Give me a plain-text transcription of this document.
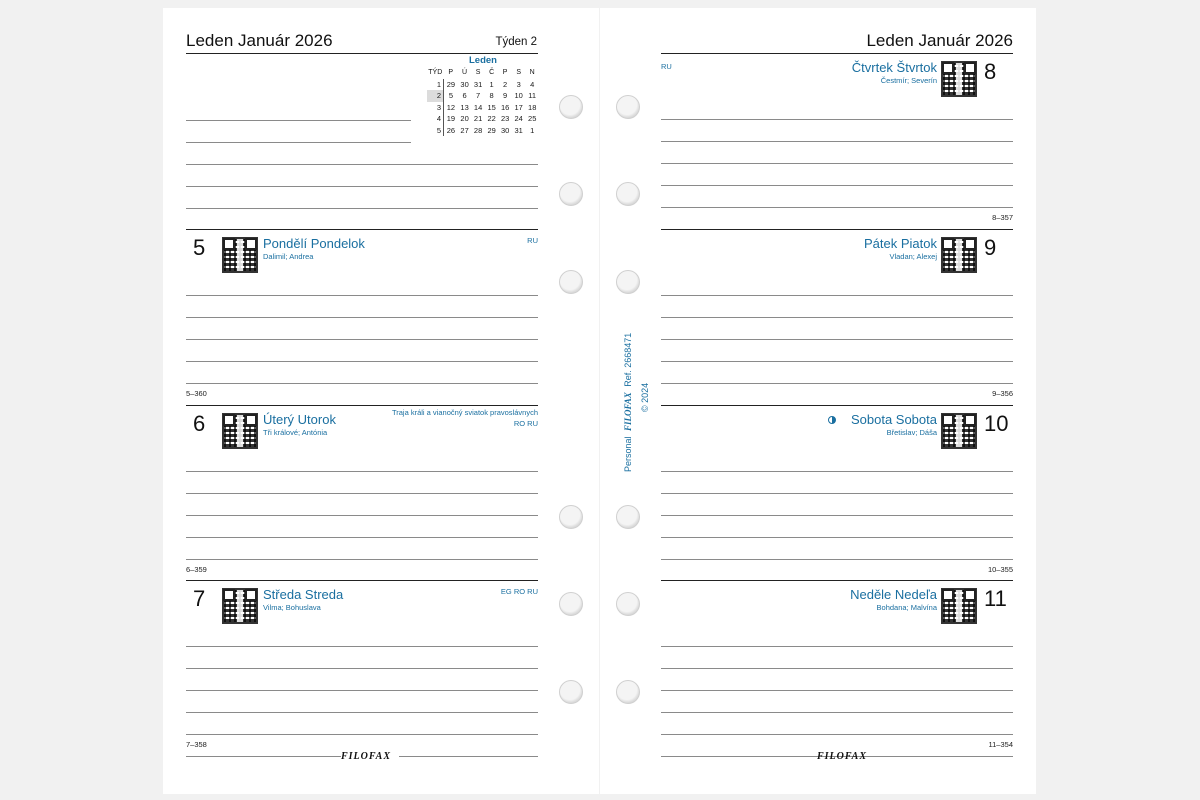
Leden Január 2026	Týden 2
Leden
TÝD	P	Ú	S	Č	P	S	N
1	29	30	31	1	2	3	4
2	5	6	7	8	9	10	11
3	12	13	14	15	16	17	18
4	19	20	21	22	23	24	25
5	26	27	28	29	30	31	1
5	Pondělí Pondelok
Dalimil; Andrea
RU
5–360
6	Úterý Utorok
Tři králové; Antónia
Traja králi a vianočný sviatok pravoslávnych
RO RU
6–359
7	Středa Streda
Vilma; Bohuslava
EG RO RU
7–358
FILOFAX
Leden Január 2026
RU	Čtvrtek Štvrtok
Čestmír; Severín 8
8–357
Pátek Piatok
Vladan; Alexej 9
9–356
Sobota Sobota
Břetislav; Dáša 10
10–355
Neděle Nedeľa
Bohdana; Malvína 11
11–354
FILOFAX
Personal FILOFAX Ref. 2668471
© 2024
